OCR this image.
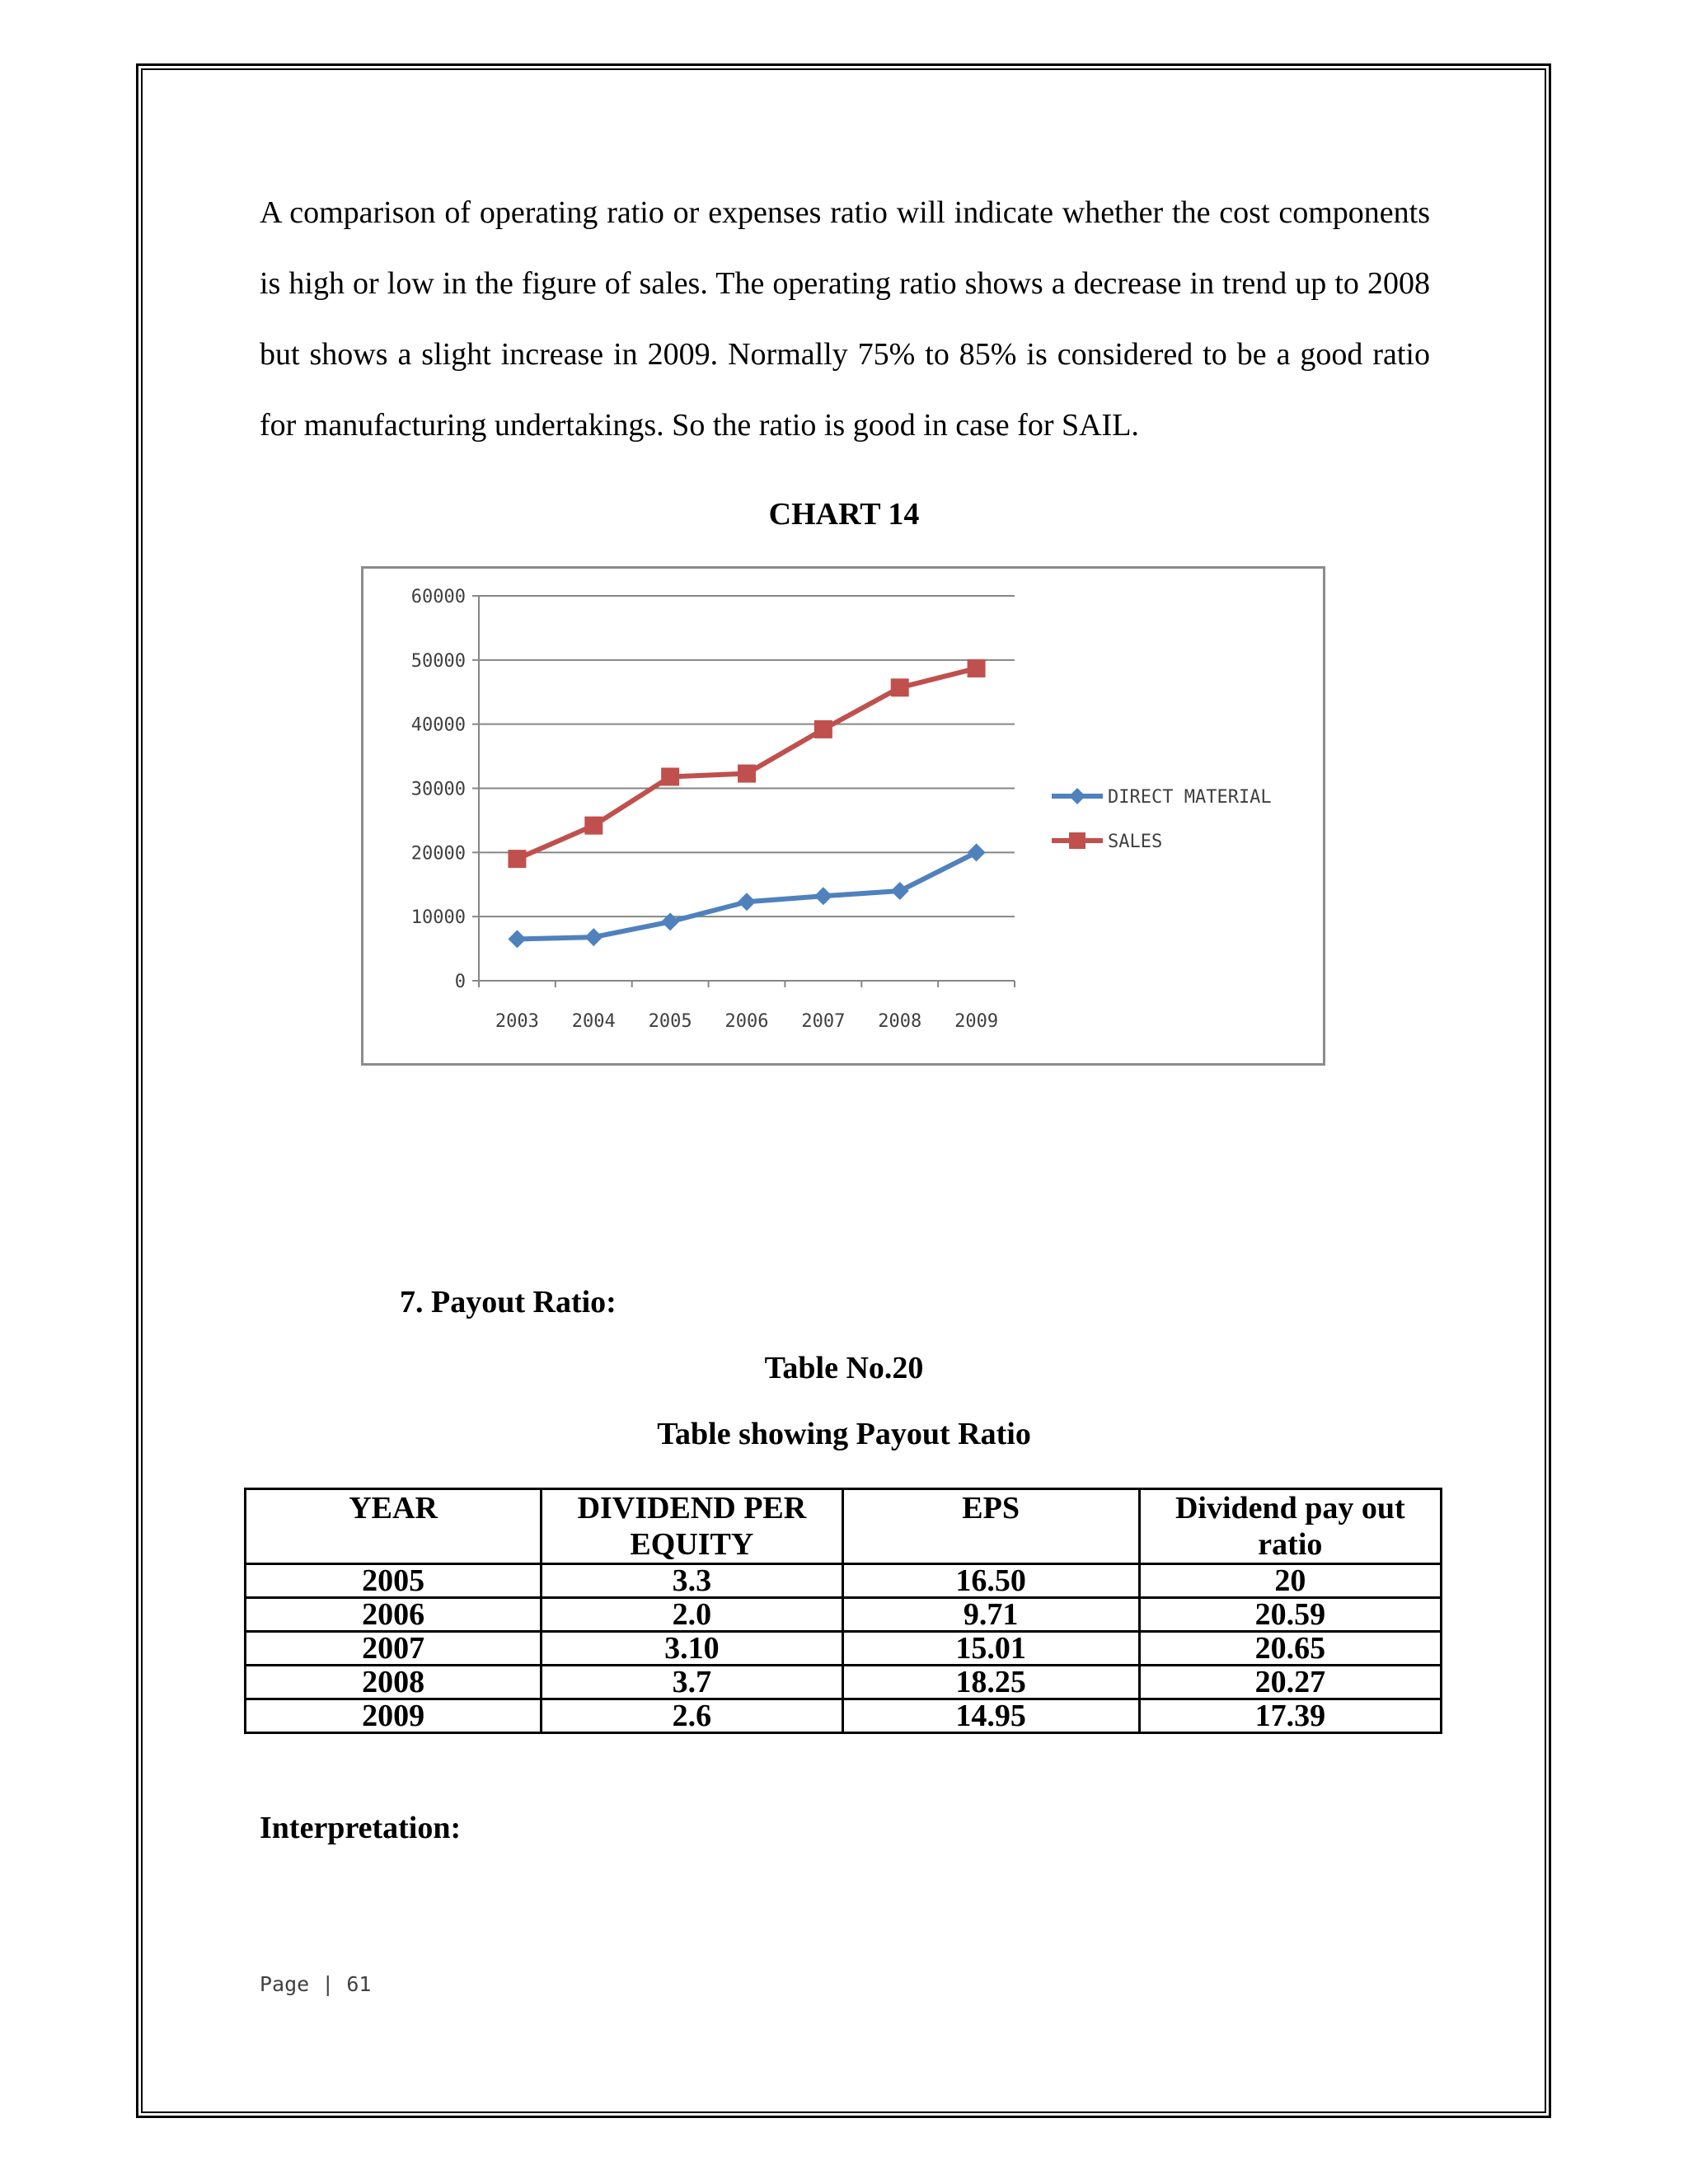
A comparison of operating ratio or expenses ratio will indicate whether the cost components
is high or low in the figure of sales. The operating ratio shows a decrease in trend up to 2008
but shows a slight increase in 2009. Normally 75% to 85% is considered to be a good ratio
for manufacturing undertakings. So the ratio is good in case for SAIL.
CHART 14
0
10000
20000
30000
40000
50000
60000
2003 2004 2005 2006 2007 2008 2009
DIRECT MATERIAL
SALES
7. Payout Ratio:
Table No.20
Table showing Payout Ratio
YEAR	DIVIDEND PER EQUITY	EPS	Dividend pay out ratio
2005	3.3	16.50	20
2006	2.0	9.71	20.59
2007	3.10	15.01	20.65
2008	3.7	18.25	20.27
2009	2.6	14.95	17.39
Interpretation:
Page | 61
